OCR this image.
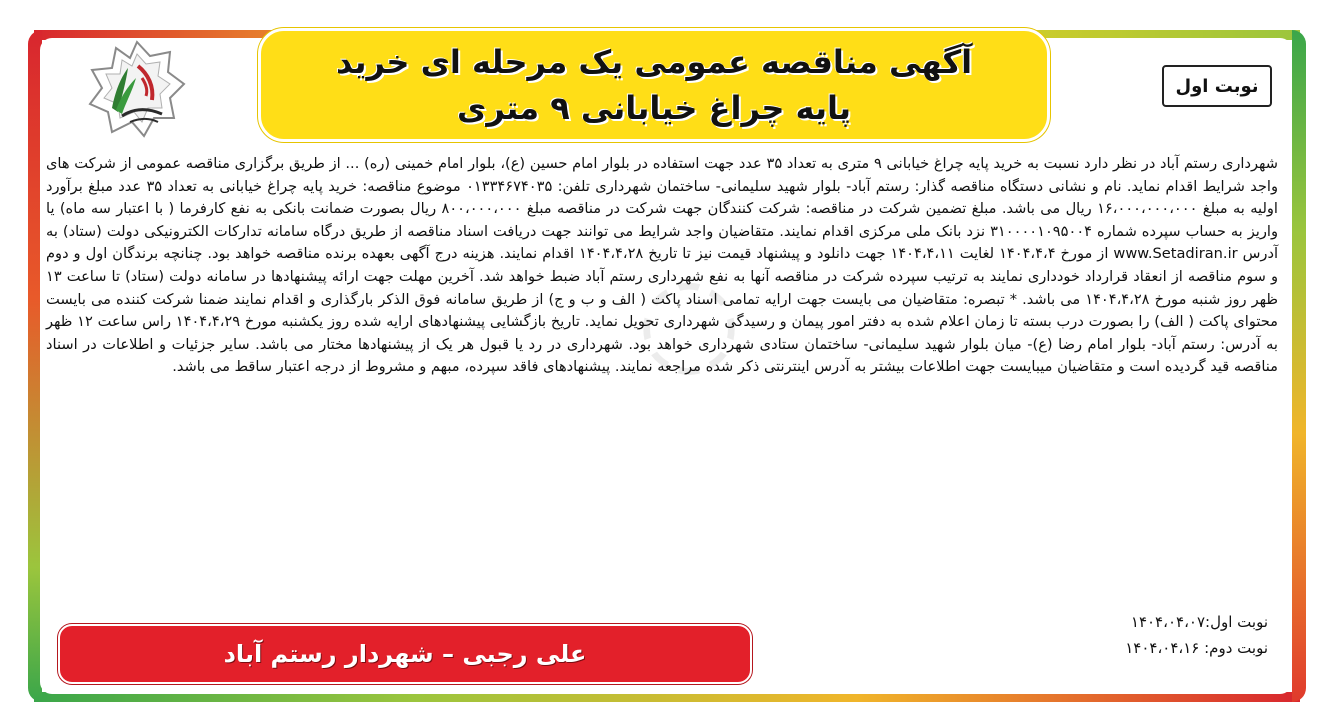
آگهی مناقصه عمومی یک مرحله ای خرید
پایه چراغ خیابانی ۹ متری
نوبت اول
شهرداری رستم آباد در نظر دارد نسبت به خرید پایه چراغ خیابانی ۹ متری به تعداد ۳۵ عدد جهت استفاده در بلوار امام حسین (ع)، بلوار امام خمینی (ره) ... از طریق برگزاری مناقصه عمومی از شرکت های واجد شرایط اقدام نماید. نام و نشانی دستگاه مناقصه گذار: رستم آباد- بلوار شهید سلیمانی- ساختمان شهرداری تلفن: ۰۱۳۳۴۶۷۴۰۳۵ موضوع مناقصه: خرید پایه چراغ خیابانی به تعداد ۳۵ عدد مبلغ برآورد اولیه به مبلغ ۱۶،۰۰۰،۰۰۰،۰۰۰ ریال می باشد. مبلغ تضمین شرکت در مناقصه: شرکت کنندگان جهت شرکت در مناقصه مبلغ ۸۰۰،۰۰۰،۰۰۰ ریال بصورت ضمانت بانکی به نفع کارفرما ( با اعتبار سه ماه) یا واریز به حساب سپرده شماره ۳۱۰۰۰۰۱۰۹۵۰۰۴ نزد بانک ملی مرکزی اقدام نمایند. متقاضیان واجد شرایط می توانند جهت دریافت اسناد مناقصه از طریق درگاه سامانه تدارکات الکترونیکی دولت (ستاد) به آدرس www.Setadiran.ir از مورخ ۱۴۰۴،۴،۴ لغایت ۱۴۰۴،۴،۱۱ جهت دانلود و پیشنهاد قیمت نیز تا تاریخ ۱۴۰۴،۴،۲۸ اقدام نمایند. هزینه درج آگهی بعهده برنده مناقصه خواهد بود. چنانچه برندگان اول و دوم و سوم مناقصه از انعقاد قرارداد خودداری نمایند به ترتیب سپرده شرکت در مناقصه آنها به نفع شهرداری رستم آباد ضبط خواهد شد. آخرین مهلت جهت ارائه پیشنهادها در سامانه دولت (ستاد) تا ساعت ۱۳ ظهر روز شنبه مورخ ۱۴۰۴،۴،۲۸ می باشد. * تبصره: متقاضیان می بایست جهت ارایه تمامی اسناد پاکت ( الف و ب و ج) از طریق سامانه فوق الذکر بارگذاری و اقدام نمایند ضمنا شرکت کننده می بایست محتوای پاکت ( الف) را بصورت درب بسته تا زمان اعلام شده به دفتر امور پیمان و رسیدگی شهرداری تحویل نماید. تاریخ بازگشایی پیشنهادهای ارایه شده روز یکشنبه مورخ ۱۴۰۴،۴،۲۹ راس ساعت ۱۲ ظهر به آدرس: رستم آباد- بلوار امام رضا (ع)- میان بلوار شهید سلیمانی- ساختمان ستادی شهرداری خواهد بود. شهرداری در رد یا قبول هر یک از پیشنهادها مختار می باشد. سایر جزئیات و اطلاعات در اسناد مناقصه قید گردیده است و متقاضیان میبایست جهت اطلاعات بیشتر به آدرس اینترنتی ذکر شده مراجعه نمایند. پیشنهادهای فاقد سپرده، مبهم و مشروط از درجه اعتبار ساقط می باشد.
نوبت اول:۱۴۰۴،۰۴،۰۷
نوبت دوم: ۱۴۰۴،۰۴،۱۶
علی رجبی – شهردار رستم آباد
